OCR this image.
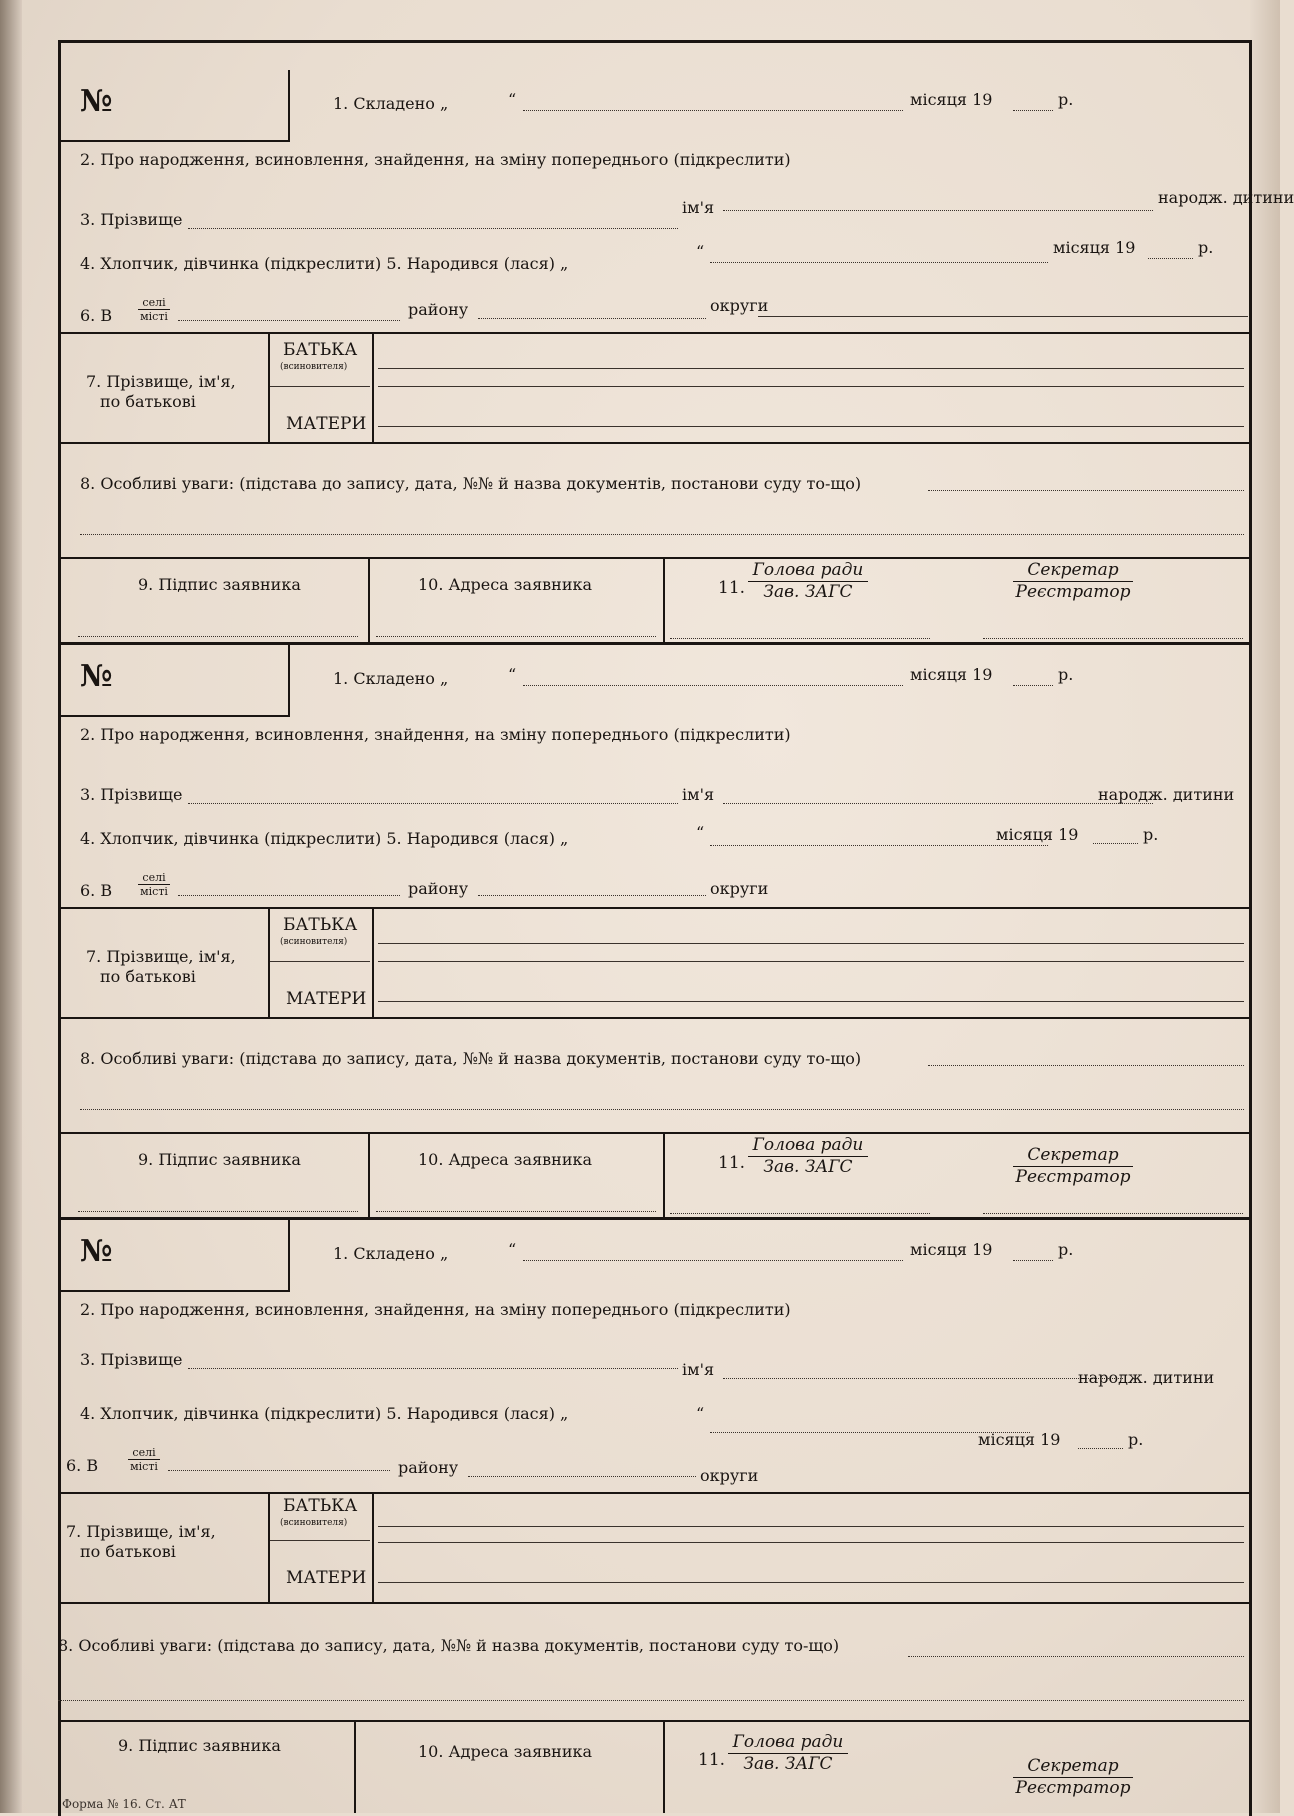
№	1. Складено „	“	місяця 19	р.
2. Про народження, всиновлення, знайдення, на зміну попереднього (підкреслити)
3. Прізвище
ім'я
народж. дитини
4. Хлопчик, дівчинка (підкреслити) 5. Народився (лася) „
“	місяця 19	р.
6. В
селі
місті	району	округи
7. Прізвище, ім'я,
по батькові
БАТЬКА
(всиновителя)
МАТЕРИ
8. Особливі уваги: (підстава до запису, дата, №№ й назва документів, постанови суду то-що)
9. Підпис заявника	10. Адреса заявника	11.
Голова ради
Зав. ЗАГС
Секретар
Реєстратор
№	1. Складено „	“	місяця 19	р.
2. Про народження, всиновлення, знайдення, на зміну попереднього (підкреслити)
3. Прізвище	ім'я	народж. дитини
4. Хлопчик, дівчинка (підкреслити) 5. Народився (лася) „	“	місяця 19	р.
6. В
селі
місті	району	округи
7. Прізвище, ім'я,
по батькові
БАТЬКА
(всиновителя)
МАТЕРИ
8. Особливі уваги: (підстава до запису, дата, №№ й назва документів, постанови суду то-що)
9. Підпис заявника	10. Адреса заявника	11.
Голова ради
Зав. ЗАГС
Секретар
Реєстратор
№	1. Складено „	“	місяця 19	р.
2. Про народження, всиновлення, знайдення, на зміну попереднього (підкреслити)
3. Прізвище
ім'я	народж. дитини
4. Хлопчик, дівчинка (підкреслити) 5. Народився (лася) „	“
місяця 19	р.
6. В
селі
місті	району	округи
7. Прізвище, ім'я,
по батькові
БАТЬКА
(всиновителя)
МАТЕРИ
8. Особливі уваги: (підстава до запису, дата, №№ й назва документів, постанови суду то-що)
9. Підпис заявника	10. Адреса заявника	11.
Голова ради
Зав. ЗАГС	Секретар
Реєстратор
Форма № 16. Ст. АТ
